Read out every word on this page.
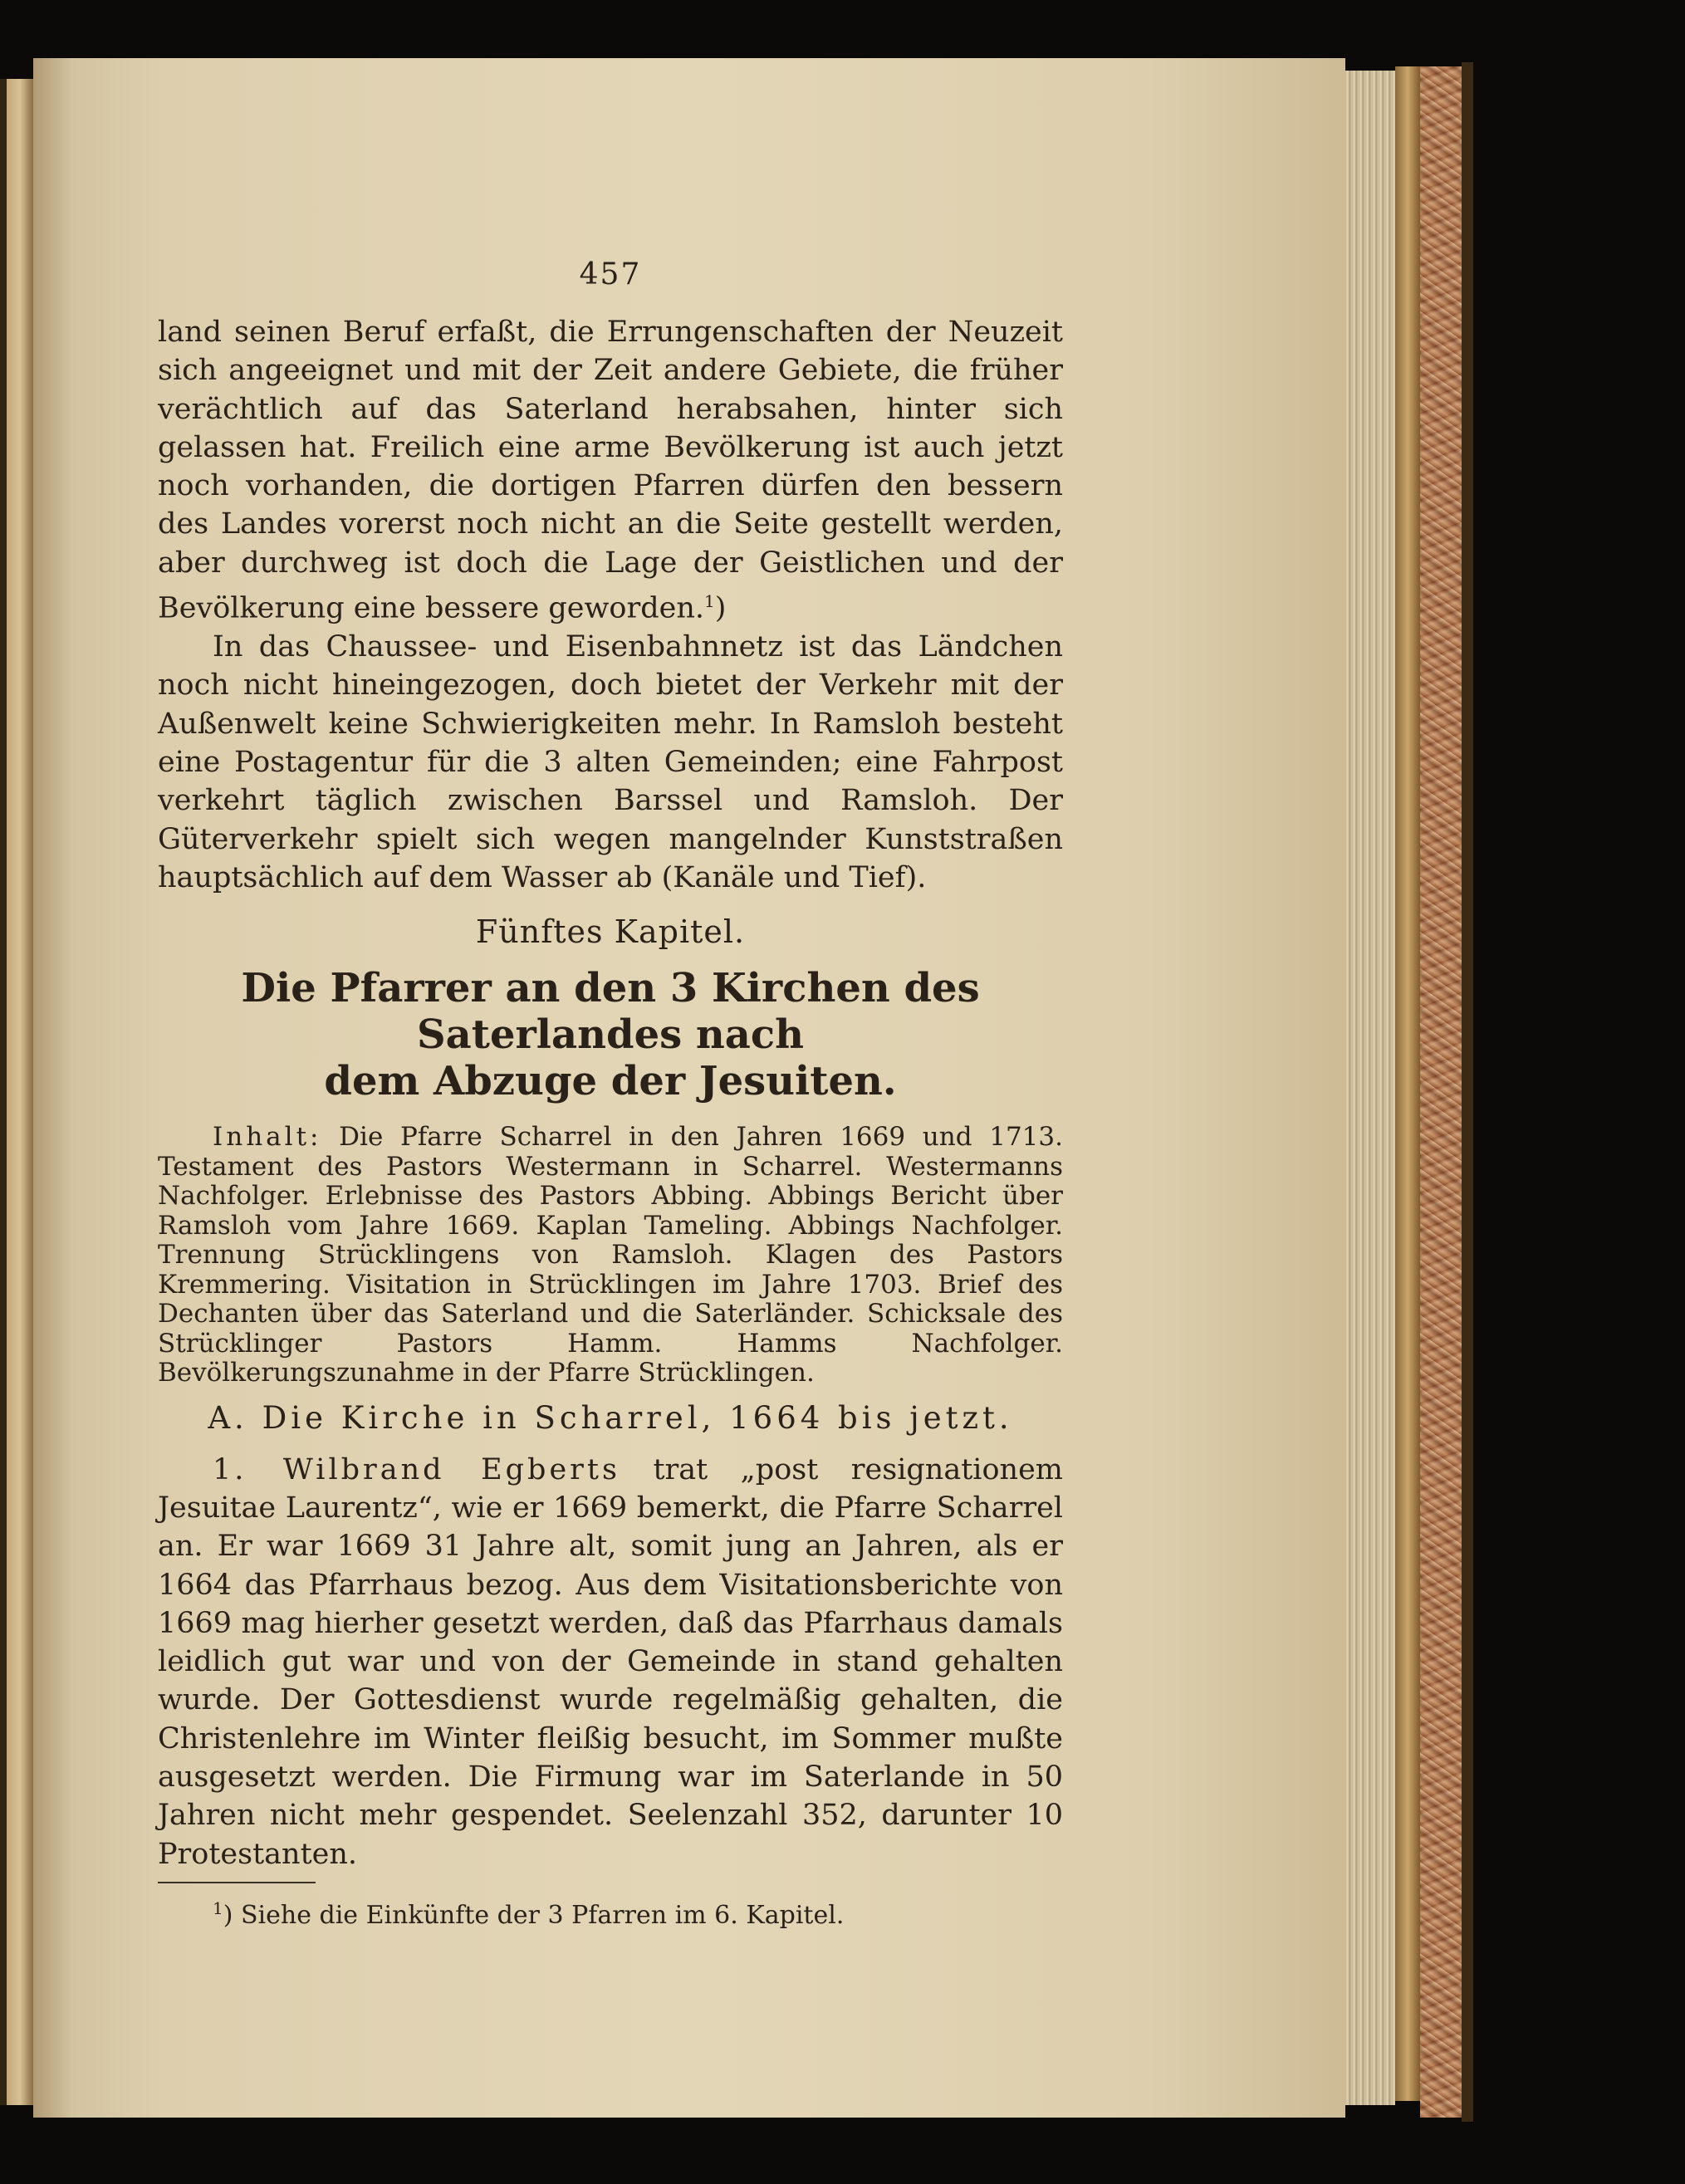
457

land seinen Beruf erfaßt, die Errungenschaften der Neuzeit sich angeeignet und mit der Zeit andere Gebiete, die früher verächtlich auf das Saterland herabsahen, hinter sich gelassen hat. Freilich eine arme Bevölkerung ist auch jetzt noch vorhanden, die dortigen Pfarren dürfen den bessern des Landes vorerst noch nicht an die Seite gestellt werden, aber durchweg ist doch die Lage der Geistlichen und der Bevölkerung eine bessere geworden.$^1$)

In das Chaussee- und Eisenbahnnetz ist das Ländchen noch nicht hineingezogen, doch bietet der Verkehr mit der Außenwelt keine Schwierigkeiten mehr. In Ramsloh besteht eine Postagentur für die 3 alten Gemeinden; eine Fahrpost verkehrt täglich zwischen Barssel und Ramsloh. Der Güterverkehr spielt sich wegen mangelnder Kunststraßen hauptsächlich auf dem Wasser ab (Kanäle und Tief).

Fünftes Kapitel.
Die Pfarrer an den 3 Kirchen des Saterlandes nach
dem Abzuge der Jesuiten.

Inhalt: Die Pfarre Scharrel in den Jahren 1669 und 1713. Testament des Pastors Westermann in Scharrel. Westermanns Nachfolger. Erlebnisse des Pastors Abbing. Abbings Bericht über Ramsloh vom Jahre 1669. Kaplan Tameling. Abbings Nachfolger. Trennung Strücklingens von Ramsloh. Klagen des Pastors Kremmering. Visitation in Strücklingen im Jahre 1703. Brief des Dechanten über das Saterland und die Saterländer. Schicksale des Strücklinger Pastors Hamm. Hamms Nachfolger. Bevölkerungszunahme in der Pfarre Strücklingen.

A. Die Kirche in Scharrel, 1664 bis jetzt.

1. Wilbrand Egberts trat „post resignationem Jesuitae Laurentz“, wie er 1669 bemerkt, die Pfarre Scharrel an. Er war 1669 31 Jahre alt, somit jung an Jahren, als er 1664 das Pfarrhaus bezog. Aus dem Visitationsberichte von 1669 mag hierher gesetzt werden, daß das Pfarrhaus damals leidlich gut war und von der Gemeinde in stand gehalten wurde. Der Gottesdienst wurde regelmäßig gehalten, die Christenlehre im Winter fleißig besucht, im Sommer mußte ausgesetzt werden. Die Firmung war im Saterlande in 50 Jahren nicht mehr gespendet. Seelenzahl 352, darunter 10 Protestanten.

$^1$) Siehe die Einkünfte der 3 Pfarren im 6. Kapitel.
